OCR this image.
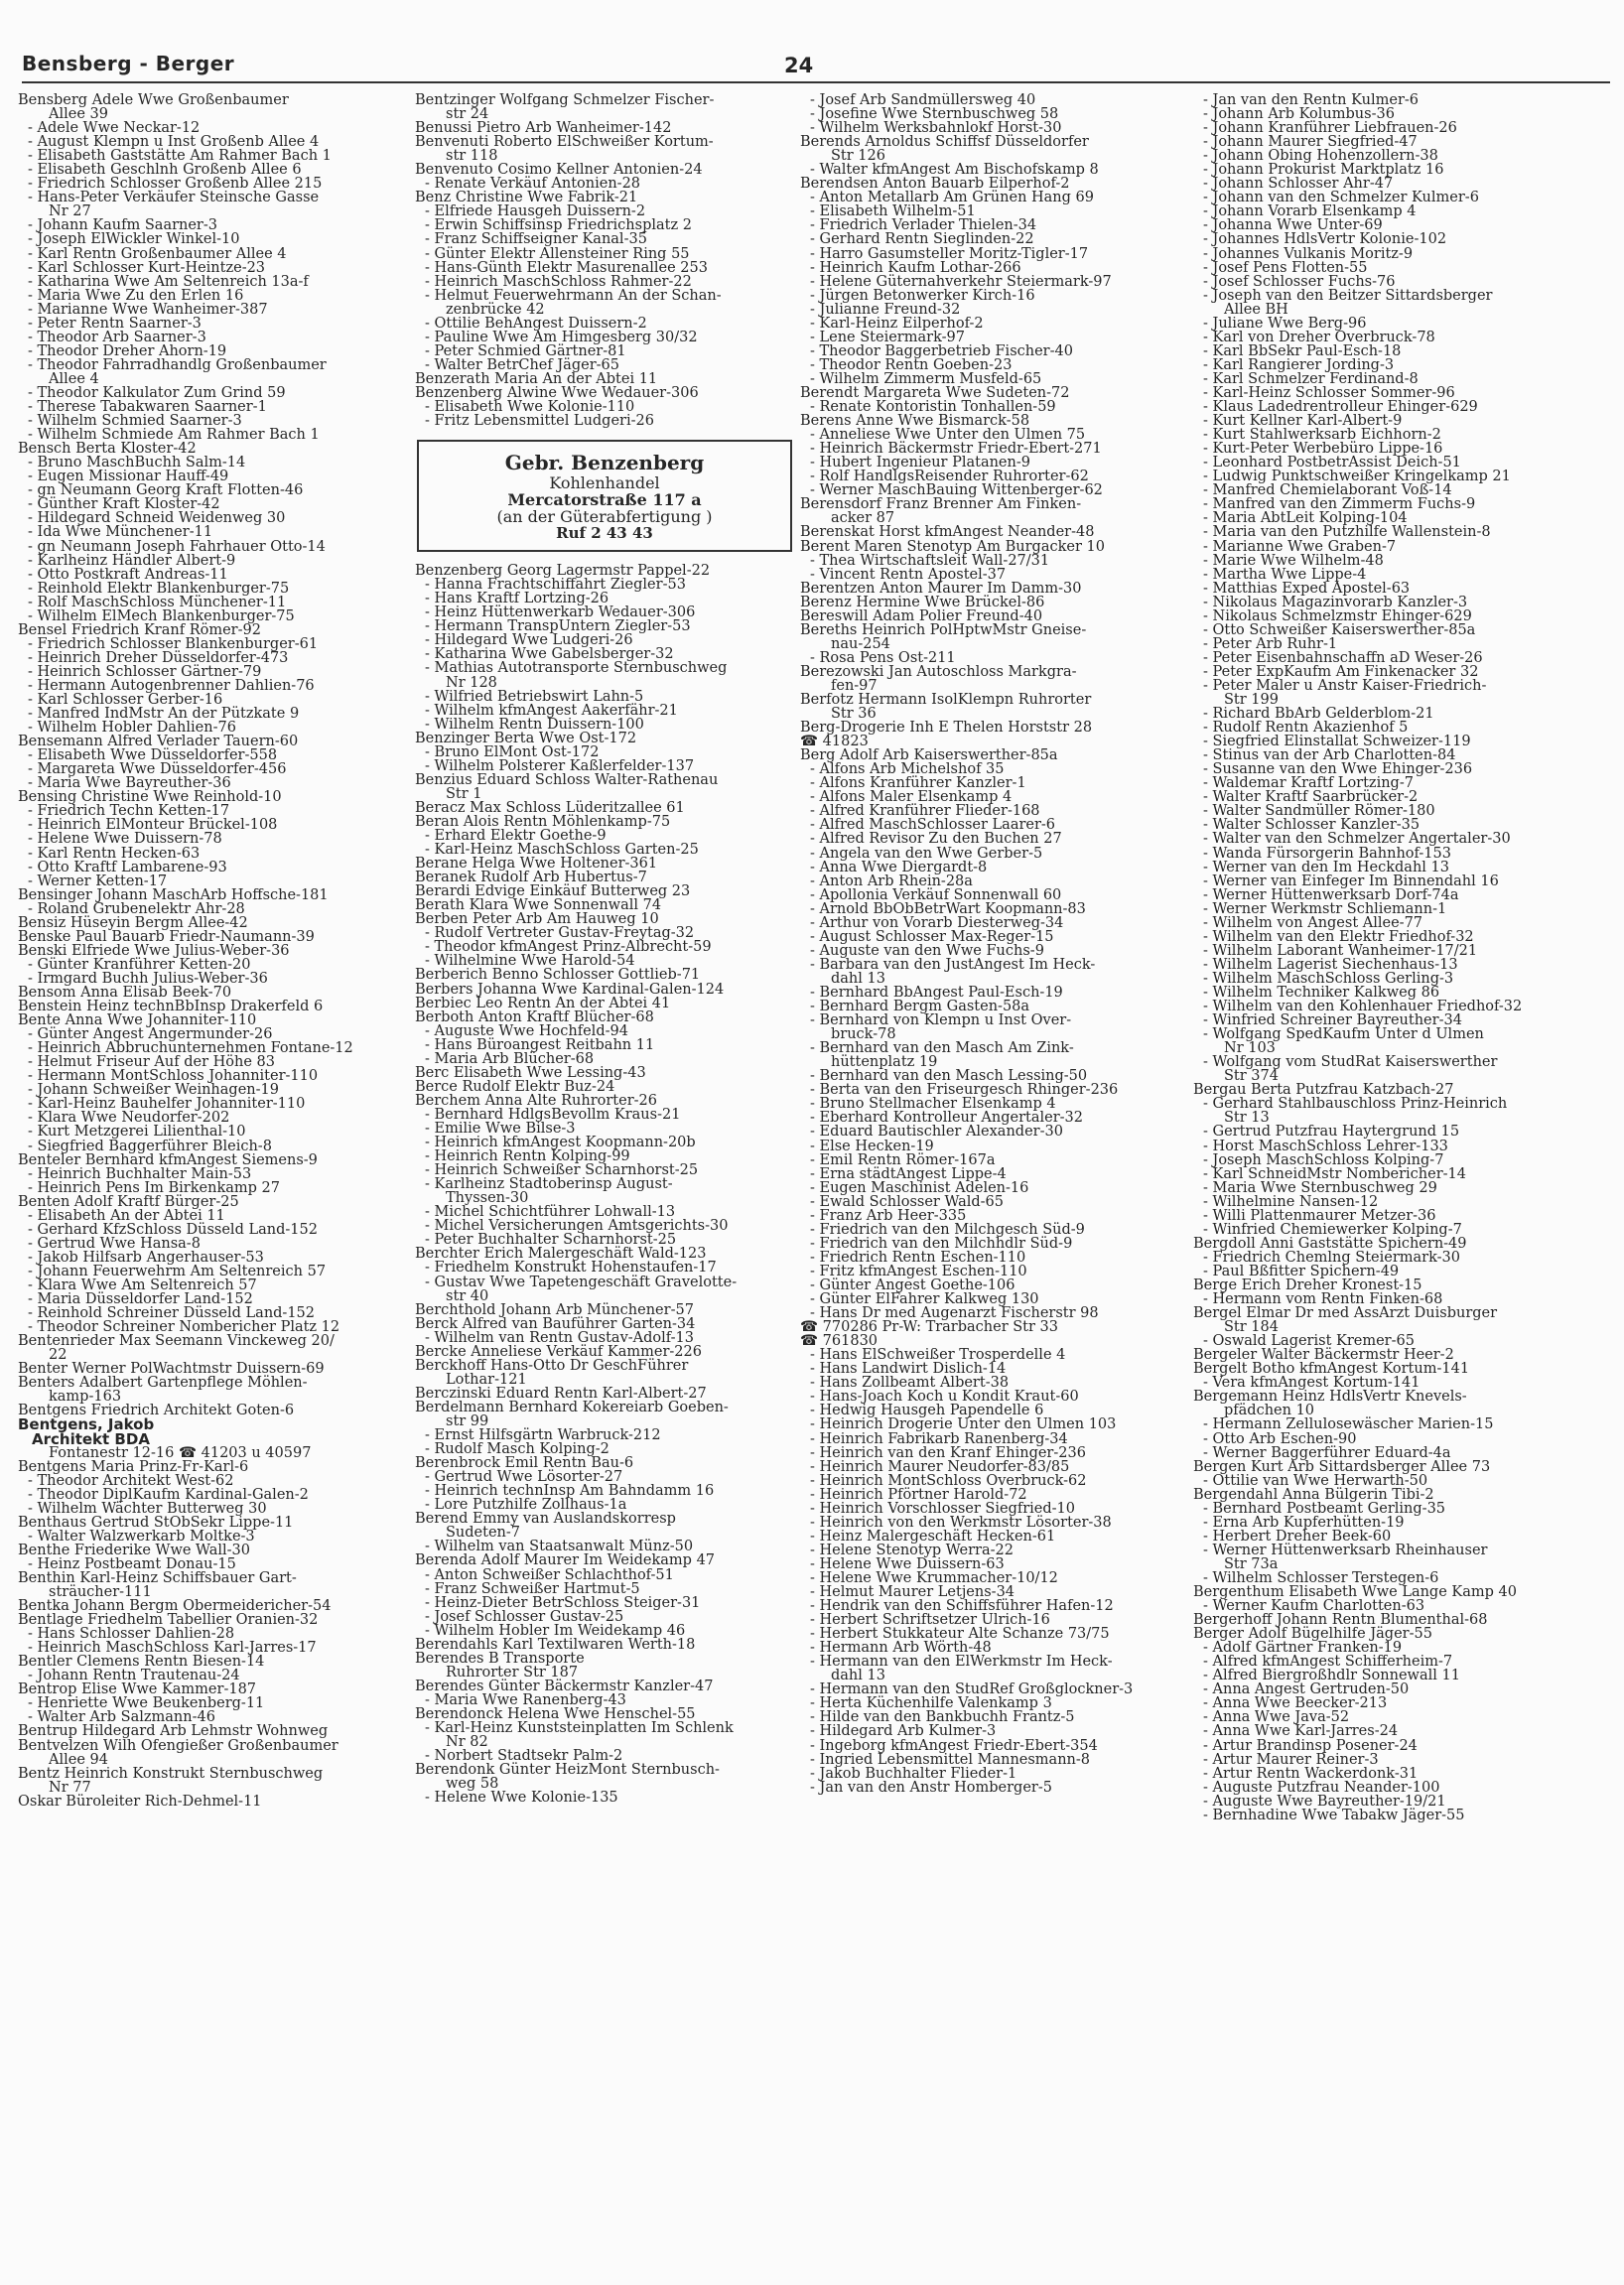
Bensberg - Berger	24
Bensberg Adele Wwe Großenbaumer
Allee 39
- Adele Wwe Neckar-12
- August Klempn u Inst Großenb Allee 4
- Elisabeth Gaststätte Am Rahmer Bach 1
- Elisabeth Geschlnh Großenb Allee 6
- Friedrich Schlosser Großenb Allee 215
- Hans-Peter Verkäufer Steinsche Gasse
Nr 27
- Johann Kaufm Saarner-3
- Joseph ElWickler Winkel-10
- Karl Rentn Großenbaumer Allee 4
- Karl Schlosser Kurt-Heintze-23
- Katharina Wwe Am Seltenreich 13a-f
- Maria Wwe Zu den Erlen 16
- Marianne Wwe Wanheimer-387
- Peter Rentn Saarner-3
- Theodor Arb Saarner-3
- Theodor Dreher Ahorn-19
- Theodor Fahrradhandlg Großenbaumer
Allee 4
- Theodor Kalkulator Zum Grind 59
- Therese Tabakwaren Saarner-1
- Wilhelm Schmied Saarner-3
- Wilhelm Schmiede Am Rahmer Bach 1
Bensch Berta Kloster-42
- Bruno MaschBuchh Salm-14
- Eugen Missionar Hauff-49
- gn Neumann Georg Kraft Flotten-46
- Günther Kraft Kloster-42
- Hildegard Schneid Weidenweg 30
- Ida Wwe Münchener-11
- gn Neumann Joseph Fahrhauer Otto-14
- Karlheinz Händler Albert-9
- Otto Postkraft Andreas-11
- Reinhold Elektr Blankenburger-75
- Rolf MaschSchloss Münchener-11
- Wilhelm ElMech Blankenburger-75
Bensel Friedrich Kranf Römer-92
- Friedrich Schlosser Blankenburger-61
- Heinrich Dreher Düsseldorfer-473
- Heinrich Schlosser Gärtner-79
- Hermann Autogenbrenner Dahlien-76
- Karl Schlosser Gerber-16
- Manfred IndMstr An der Pützkate 9
- Wilhelm Hobler Dahlien-76
Bensemann Alfred Verlader Tauern-60
- Elisabeth Wwe Düsseldorfer-558
- Margareta Wwe Düsseldorfer-456
- Maria Wwe Bayreuther-36
Bensing Christine Wwe Reinhold-10
- Friedrich Techn Ketten-17
- Heinrich ElMonteur Brückel-108
- Helene Wwe Duissern-78
- Karl Rentn Hecken-63
- Otto Kraftf Lambarene-93
- Werner Ketten-17
Bensinger Johann MaschArb Hoffsche-181
- Roland Grubenelektr Ahr-28
Bensiz Hüseyin Bergm Allee-42
Benske Paul Bauarb Friedr-Naumann-39
Benski Elfriede Wwe Julius-Weber-36
- Günter Kranführer Ketten-20
- Irmgard Buchh Julius-Weber-36
Bensom Anna Elisab Beek-70
Benstein Heinz technBbInsp Drakerfeld 6
Bente Anna Wwe Johanniter-110
- Günter Angest Angermunder-26
- Heinrich Abbruchunternehmen Fontane-12
- Helmut Friseur Auf der Höhe 83
- Hermann MontSchloss Johanniter-110
- Johann Schweißer Weinhagen-19
- Karl-Heinz Bauhelfer Johanniter-110
- Klara Wwe Neudorfer-202
- Kurt Metzgerei Lilienthal-10
- Siegfried Baggerführer Bleich-8
Benteler Bernhard kfmAngest Siemens-9
- Heinrich Buchhalter Main-53
- Heinrich Pens Im Birkenkamp 27
Benten Adolf Kraftf Bürger-25
- Elisabeth An der Abtei 11
- Gerhard KfzSchloss Düsseld Land-152
- Gertrud Wwe Hansa-8
- Jakob Hilfsarb Angerhauser-53
- Johann Feuerwehrm Am Seltenreich 57
- Klara Wwe Am Seltenreich 57
- Maria Düsseldorfer Land-152
- Reinhold Schreiner Düsseld Land-152
- Theodor Schreiner Nombericher Platz 12
Bentenrieder Max Seemann Vinckeweg 20/
22
Benter Werner PolWachtmstr Duissern-69
Benters Adalbert Gartenpflege Möhlen-
kamp-163
Bentgens Friedrich Architekt Goten-6
Bentgens, Jakob
Architekt BDA
Fontanestr 12-16 ☎ 41203 u 40597
Bentgens Maria Prinz-Fr-Karl-6
- Theodor Architekt West-62
- Theodor DiplKaufm Kardinal-Galen-2
- Wilhelm Wächter Butterweg 30
Benthaus Gertrud StObSekr Lippe-11
- Walter Walzwerkarb Moltke-3
Benthe Friederike Wwe Wall-30
- Heinz Postbeamt Donau-15
Benthin Karl-Heinz Schiffsbauer Gart-
sträucher-111
Bentka Johann Bergm Obermeidericher-54
Bentlage Friedhelm Tabellier Oranien-32
- Hans Schlosser Dahlien-28
- Heinrich MaschSchloss Karl-Jarres-17
Bentler Clemens Rentn Biesen-14
- Johann Rentn Trautenau-24
Bentrop Elise Wwe Kammer-187
- Henriette Wwe Beukenberg-11
- Walter Arb Salzmann-46
Bentrup Hildegard Arb Lehmstr Wohnweg
Bentvelzen Wilh Ofengießer Großenbaumer
Allee 94
Bentz Heinrich Konstrukt Sternbuschweg
Nr 77
Oskar Büroleiter Rich-Dehmel-11
Bentzinger Wolfgang Schmelzer Fischer-
str 24
Benussi Pietro Arb Wanheimer-142
Benvenuti Roberto ElSchweißer Kortum-
str 118
Benvenuto Cosimo Kellner Antonien-24
- Renate Verkäuf Antonien-28
Benz Christine Wwe Fabrik-21
- Elfriede Hausgeh Duissern-2
- Erwin Schiffsinsp Friedrichsplatz 2
- Franz Schiffseigner Kanal-35
- Günter Elektr Allensteiner Ring 55
- Hans-Günth Elektr Masurenallee 253
- Heinrich MaschSchloss Rahmer-22
- Helmut Feuerwehrmann An der Schan-
zenbrücke 42
- Ottilie BehAngest Duissern-2
- Pauline Wwe Am Himgesberg 30/32
- Peter Schmied Gärtner-81
- Walter BetrChef Jäger-65
Benzerath Maria An der Abtei 11
Benzenberg Alwine Wwe Wedauer-306
- Elisabeth Wwe Kolonie-110
- Fritz Lebensmittel Ludgeri-26
Gebr. Benzenberg
Kohlenhandel
Mercatorstraße 117 a
(an der Güterabfertigung )
Ruf 2 43 43
Benzenberg Georg Lagermstr Pappel-22
- Hanna Frachtschiffahrt Ziegler-53
- Hans Kraftf Lortzing-26
- Heinz Hüttenwerkarb Wedauer-306
- Hermann TranspUntern Ziegler-53
- Hildegard Wwe Ludgeri-26
- Katharina Wwe Gabelsberger-32
- Mathias Autotransporte Sternbuschweg
Nr 128
- Wilfried Betriebswirt Lahn-5
- Wilhelm kfmAngest Aakerfähr-21
- Wilhelm Rentn Duissern-100
Benzinger Berta Wwe Ost-172
- Bruno ElMont Ost-172
- Wilhelm Polsterer Kaßlerfelder-137
Benzius Eduard Schloss Walter-Rathenau
Str 1
Beracz Max Schloss Lüderitzallee 61
Beran Alois Rentn Möhlenkamp-75
- Erhard Elektr Goethe-9
- Karl-Heinz MaschSchloss Garten-25
Berane Helga Wwe Holtener-361
Beranek Rudolf Arb Hubertus-7
Berardi Edvige Einkäuf Butterweg 23
Berath Klara Wwe Sonnenwall 74
Berben Peter Arb Am Hauweg 10
- Rudolf Vertreter Gustav-Freytag-32
- Theodor kfmAngest Prinz-Albrecht-59
- Wilhelmine Wwe Harold-54
Berberich Benno Schlosser Gottlieb-71
Berbers Johanna Wwe Kardinal-Galen-124
Berbiec Leo Rentn An der Abtei 41
Berboth Anton Kraftf Blücher-68
- Auguste Wwe Hochfeld-94
- Hans Büroangest Reitbahn 11
- Maria Arb Blücher-68
Berc Elisabeth Wwe Lessing-43
Berce Rudolf Elektr Buz-24
Berchem Anna Alte Ruhrorter-26
- Bernhard HdlgsBevollm Kraus-21
- Emilie Wwe Bilse-3
- Heinrich kfmAngest Koopmann-20b
- Heinrich Rentn Kolping-99
- Heinrich Schweißer Scharnhorst-25
- Karlheinz Stadtoberinsp August-
Thyssen-30
- Michel Schichtführer Lohwall-13
- Michel Versicherungen Amtsgerichts-30
- Peter Buchhalter Scharnhorst-25
Berchter Erich Malergeschäft Wald-123
- Friedhelm Konstrukt Hohenstaufen-17
- Gustav Wwe Tapetengeschäft Gravelotte-
str 40
Berchthold Johann Arb Münchener-57
Berck Alfred van Bauführer Garten-34
- Wilhelm van Rentn Gustav-Adolf-13
Bercke Anneliese Verkäuf Kammer-226
Berckhoff Hans-Otto Dr GeschFührer
Lothar-121
Berczinski Eduard Rentn Karl-Albert-27
Berdelmann Bernhard Kokereiarb Goeben-
str 99
- Ernst Hilfsgärtn Warbruck-212
- Rudolf Masch Kolping-2
Berenbrock Emil Rentn Bau-6
- Gertrud Wwe Lösorter-27
- Heinrich technInsp Am Bahndamm 16
- Lore Putzhilfe Zollhaus-1a
Berend Emmy van Auslandskorresp
Sudeten-7
- Wilhelm van Staatsanwalt Münz-50
Berenda Adolf Maurer Im Weidekamp 47
- Anton Schweißer Schlachthof-51
- Franz Schweißer Hartmut-5
- Heinz-Dieter BetrSchloss Steiger-31
- Josef Schlosser Gustav-25
- Wilhelm Hobler Im Weidekamp 46
Berendahls Karl Textilwaren Werth-18
Berendes B Transporte
Ruhrorter Str 187
Berendes Günter Bäckermstr Kanzler-47
- Maria Wwe Ranenberg-43
Berendonck Helena Wwe Henschel-55
- Karl-Heinz Kunststeinplatten Im Schlenk
Nr 82
- Norbert Stadtsekr Palm-2
Berendonk Günter HeizMont Sternbusch-
weg 58
- Helene Wwe Kolonie-135
- Josef Arb Sandmüllersweg 40
- Josefine Wwe Sternbuschweg 58
- Wilhelm Werksbahnlokf Horst-30
Berends Arnoldus Schiffsf Düsseldorfer
Str 126
- Walter kfmAngest Am Bischofskamp 8
Berendsen Anton Bauarb Eilperhof-2
- Anton Metallarb Am Grünen Hang 69
- Elisabeth Wilhelm-51
- Friedrich Verlader Thielen-34
- Gerhard Rentn Sieglinden-22
- Harro Gasumsteller Moritz-Tigler-17
- Heinrich Kaufm Lothar-266
- Helene Güternahverkehr Steiermark-97
- Jürgen Betonwerker Kirch-16
- Julianne Freund-32
- Karl-Heinz Eilperhof-2
- Lene Steiermark-97
- Theodor Baggerbetrieb Fischer-40
- Theodor Rentn Goeben-23
- Wilhelm Zimmerm Musfeld-65
Berendt Margareta Wwe Sudeten-72
- Renate Kontoristin Tonhallen-59
Berens Anne Wwe Bismarck-58
- Anneliese Wwe Unter den Ulmen 75
- Heinrich Bäckermstr Friedr-Ebert-271
- Hubert Ingenieur Platanen-9
- Rolf HandlgsReisender Ruhrorter-62
- Werner MaschBauing Wittenberger-62
Berensdorf Franz Brenner Am Finken-
acker 87
Berenskat Horst kfmAngest Neander-48
Berent Maren Stenotyp Am Burgacker 10
- Thea Wirtschaftsleit Wall-27/31
- Vincent Rentn Apostel-37
Berentzen Anton Maurer Im Damm-30
Berenz Hermine Wwe Brückel-86
Bereswill Adam Polier Freund-40
Bereths Heinrich PolHptwMstr Gneise-
nau-254
- Rosa Pens Ost-211
Berezowski Jan Autoschloss Markgra-
fen-97
Berfotz Hermann IsolKlempn Ruhrorter
Str 36
Berg-Drogerie Inh E Thelen Horststr 28
☎ 41823
Berg Adolf Arb Kaiserswerther-85a
- Alfons Arb Michelshof 35
- Alfons Kranführer Kanzler-1
- Alfons Maler Elsenkamp 4
- Alfred Kranführer Flieder-168
- Alfred MaschSchlosser Laarer-6
- Alfred Revisor Zu den Buchen 27
- Angela van den Wwe Gerber-5
- Anna Wwe Diergardt-8
- Anton Arb Rhein-28a
- Apollonia Verkäuf Sonnenwall 60
- Arnold BbObBetrWart Koopmann-83
- Arthur von Vorarb Diesterweg-34
- August Schlosser Max-Reger-15
- Auguste van den Wwe Fuchs-9
- Barbara van den JustAngest Im Heck-
dahl 13
- Bernhard BbAngest Paul-Esch-19
- Bernhard Bergm Gasten-58a
- Bernhard von Klempn u Inst Over-
bruck-78
- Bernhard van den Masch Am Zink-
hüttenplatz 19
- Bernhard van den Masch Lessing-50
- Berta van den Friseurgesch Rhinger-236
- Bruno Stellmacher Elsenkamp 4
- Eberhard Kontrolleur Angertaler-32
- Eduard Bautischler Alexander-30
- Else Hecken-19
- Emil Rentn Römer-167a
- Erna städtAngest Lippe-4
- Eugen Maschinist Adelen-16
- Ewald Schlosser Wald-65
- Franz Arb Heer-335
- Friedrich van den Milchgesch Süd-9
- Friedrich van den Milchhdlr Süd-9
- Friedrich Rentn Eschen-110
- Fritz kfmAngest Eschen-110
- Günter Angest Goethe-106
- Günter ElFahrer Kalkweg 130
- Hans Dr med Augenarzt Fischerstr 98
☎ 770286 Pr-W: Trarbacher Str 33
☎ 761830
- Hans ElSchweißer Trosperdelle 4
- Hans Landwirt Dislich-14
- Hans Zollbeamt Albert-38
- Hans-Joach Koch u Kondit Kraut-60
- Hedwig Hausgeh Papendelle 6
- Heinrich Drogerie Unter den Ulmen 103
- Heinrich Fabrikarb Ranenberg-34
- Heinrich van den Kranf Ehinger-236
- Heinrich Maurer Neudorfer-83/85
- Heinrich MontSchloss Overbruck-62
- Heinrich Pförtner Harold-72
- Heinrich Vorschlosser Siegfried-10
- Heinrich von den Werkmstr Lösorter-38
- Heinz Malergeschäft Hecken-61
- Helene Stenotyp Werra-22
- Helene Wwe Duissern-63
- Helene Wwe Krummacher-10/12
- Helmut Maurer Letjens-34
- Hendrik van den Schiffsführer Hafen-12
- Herbert Schriftsetzer Ulrich-16
- Herbert Stukkateur Alte Schanze 73/75
- Hermann Arb Wörth-48
- Hermann van den ElWerkmstr Im Heck-
dahl 13
- Hermann van den StudRef Großglockner-3
- Herta Küchenhilfe Valenkamp 3
- Hilde van den Bankbuchh Frantz-5
- Hildegard Arb Kulmer-3
- Ingeborg kfmAngest Friedr-Ebert-354
- Ingried Lebensmittel Mannesmann-8
- Jakob Buchhalter Flieder-1
- Jan van den Anstr Homberger-5
- Jan van den Rentn Kulmer-6
- Johann Arb Kolumbus-36
- Johann Kranführer Liebfrauen-26
- Johann Maurer Siegfried-47
- Johann Obing Hohenzollern-38
- Johann Prokurist Marktplatz 16
- Johann Schlosser Ahr-47
- Johann van den Schmelzer Kulmer-6
- Johann Vorarb Elsenkamp 4
- Johanna Wwe Unter-69
- Johannes HdlsVertr Kolonie-102
- Johannes Vulkanis Moritz-9
- Josef Pens Flotten-55
- Josef Schlosser Fuchs-76
- Joseph van den Beitzer Sittardsberger
Allee BH
- Juliane Wwe Berg-96
- Karl von Dreher Overbruck-78
- Karl BbSekr Paul-Esch-18
- Karl Rangierer Jording-3
- Karl Schmelzer Ferdinand-8
- Karl-Heinz Schlosser Sommer-96
- Klaus Ladedrentrolleur Ehinger-629
- Kurt Kellner Karl-Albert-9
- Kurt Stahlwerksarb Eichhorn-2
- Kurt-Peter Werbebüro Lippe-16
- Leonhard PostbetrAssist Deich-51
- Ludwig Punktschweißer Kringelkamp 21
- Manfred Chemielaborant Voß-14
- Manfred van den Zimmerm Fuchs-9
- Maria AbtLeit Kolping-104
- Maria van den Putzhilfe Wallenstein-8
- Marianne Wwe Graben-7
- Marie Wwe Wilhelm-48
- Martha Wwe Lippe-4
- Matthias Exped Apostel-63
- Nikolaus Magazinvorarb Kanzler-3
- Nikolaus Schmelzmstr Ehinger-629
- Otto Schweißer Kaiserswerther-85a
- Peter Arb Ruhr-1
- Peter Eisenbahnschaffn aD Weser-26
- Peter ExpKaufm Am Finkenacker 32
- Peter Maler u Anstr Kaiser-Friedrich-
Str 199
- Richard BbArb Gelderblom-21
- Rudolf Rentn Akazienhof 5
- Siegfried Elinstallat Schweizer-119
- Stinus van der Arb Charlotten-84
- Susanne van den Wwe Ehinger-236
- Waldemar Kraftf Lortzing-7
- Walter Kraftf Saarbrücker-2
- Walter Sandmüller Römer-180
- Walter Schlosser Kanzler-35
- Walter van den Schmelzer Angertaler-30
- Wanda Fürsorgerin Bahnhof-153
- Werner van den Im Heckdahl 13
- Werner van Einfeger Im Binnendahl 16
- Werner Hüttenwerksarb Dorf-74a
- Werner Werkmstr Schliemann-1
- Wilhelm von Angest Allee-77
- Wilhelm van den Elektr Friedhof-32
- Wilhelm Laborant Wanheimer-17/21
- Wilhelm Lagerist Siechenhaus-13
- Wilhelm MaschSchloss Gerling-3
- Wilhelm Techniker Kalkweg 86
- Wilhelm van den Kohlenhauer Friedhof-32
- Winfried Schreiner Bayreuther-34
- Wolfgang SpedKaufm Unter d Ulmen
Nr 103
- Wolfgang vom StudRat Kaiserswerther
Str 374
Bergau Berta Putzfrau Katzbach-27
- Gerhard Stahlbauschloss Prinz-Heinrich
Str 13
- Gertrud Putzfrau Haytergrund 15
- Horst MaschSchloss Lehrer-133
- Joseph MaschSchloss Kolping-7
- Karl SchneidMstr Nombericher-14
- Maria Wwe Sternbuschweg 29
- Wilhelmine Nansen-12
- Willi Plattenmaurer Metzer-36
- Winfried Chemiewerker Kolping-7
Bergdoll Anni Gaststätte Spichern-49
- Friedrich Chemlng Steiermark-30
- Paul Bßfitter Spichern-49
Berge Erich Dreher Kronest-15
- Hermann vom Rentn Finken-68
Bergel Elmar Dr med AssArzt Duisburger
Str 184
- Oswald Lagerist Kremer-65
Bergeler Walter Bäckermstr Heer-2
Bergelt Botho kfmAngest Kortum-141
- Vera kfmAngest Kortum-141
Bergemann Heinz HdlsVertr Knevels-
pfädchen 10
- Hermann Zellulosewäscher Marien-15
- Otto Arb Eschen-90
- Werner Baggerführer Eduard-4a
Bergen Kurt Arb Sittardsberger Allee 73
- Ottilie van Wwe Herwarth-50
Bergendahl Anna Bülgerin Tibi-2
- Bernhard Postbeamt Gerling-35
- Erna Arb Kupferhütten-19
- Herbert Dreher Beek-60
- Werner Hüttenwerksarb Rheinhauser
Str 73a
- Wilhelm Schlosser Terstegen-6
Bergenthum Elisabeth Wwe Lange Kamp 40
- Werner Kaufm Charlotten-63
Bergerhoff Johann Rentn Blumenthal-68
Berger Adolf Bügelhilfe Jäger-55
- Adolf Gärtner Franken-19
- Alfred kfmAngest Schifferheim-7
- Alfred Biergroßhdlr Sonnewall 11
- Anna Angest Gertruden-50
- Anna Wwe Beecker-213
- Anna Wwe Java-52
- Anna Wwe Karl-Jarres-24
- Artur Brandinsp Posener-24
- Artur Maurer Reiner-3
- Artur Rentn Wackerdonk-31
- Auguste Putzfrau Neander-100
- Auguste Wwe Bayreuther-19/21
- Bernhadine Wwe Tabakw Jäger-55
